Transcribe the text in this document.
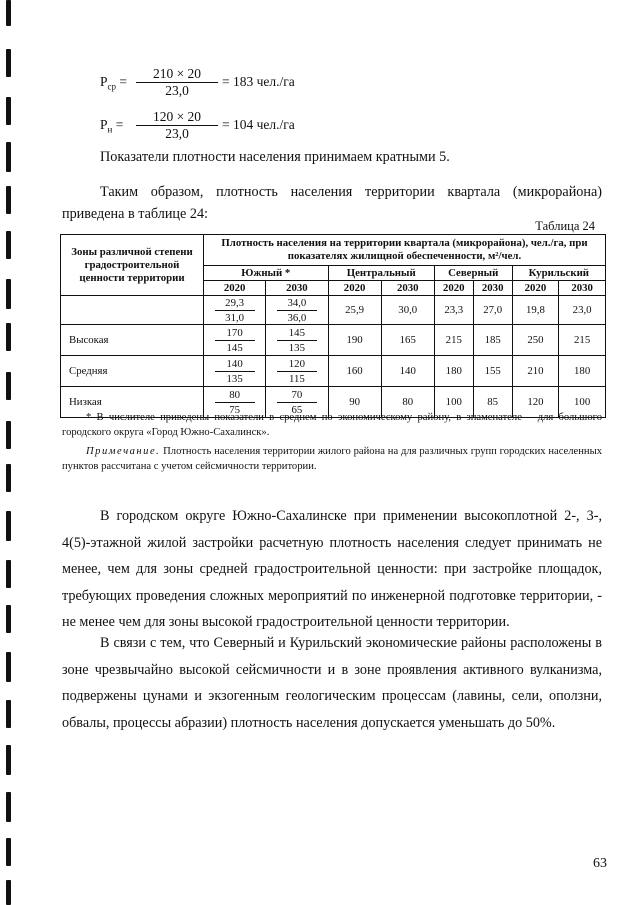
$P_{ср}$ =
210 × 20
23,0
= 183 чел./га
$P_н$ =
120 × 20
23,0
= 104 чел./га
Показатели плотности населения принимаем кратными 5.
Таким образом, плотность населения территории квартала (микрорайона) приведена в таблице 24:
Таблица 24
Зоны различной степени градостроительной ценности территории	Плотность населения на территории квартала (микрорайона), чел./га, при показателях жилищной обеспеченности, м²/чел.							
	Южный *		Центральный		Северный		Курильский	
	2020	2030	2020	2030	2020	2030	2020	2030

	$\frac{29,3}{31,0}$	$\frac{34,0}{36,0}$	25,9	30,0	23,3	27,0	19,8	23,0
Высокая	$\frac{170}{145}$	$\frac{145}{135}$	190	165	215	185	250	215
Средняя	$\frac{140}{135}$	$\frac{120}{115}$	160	140	180	155	210	180
Низкая	$\frac{80}{75}$	$\frac{70}{65}$	90	80	100	85	120	100
* В числителе приведены показатели в среднем по экономическому району, в знаменателе – для большого городского округа «Город Южно-Сахалинск».
Примечание. Плотность населения территории жилого района на для различных групп городских населенных пунктов рассчитана с учетом сейсмичности территории.
В городском округе Южно-Сахалинске при применении высокоплотной 2-, 3-, 4(5)-этажной жилой застройки расчетную плотность населения следует принимать не менее, чем для зоны средней градостроительной ценности: при застройке площадок, требующих проведения сложных мероприятий по инженерной подготовке территории, - не менее чем для зоны высокой градостроительной ценности территории.
В связи с тем, что Северный и Курильский экономические районы расположены в зоне чрезвычайно высокой сейсмичности и в зоне проявления активного вулканизма, подвержены цунами и экзогенным геологическим процессам (лавины, сели, оползни, обвалы, процессы абразии) плотность населения допускается уменьшать до 50%.
63
